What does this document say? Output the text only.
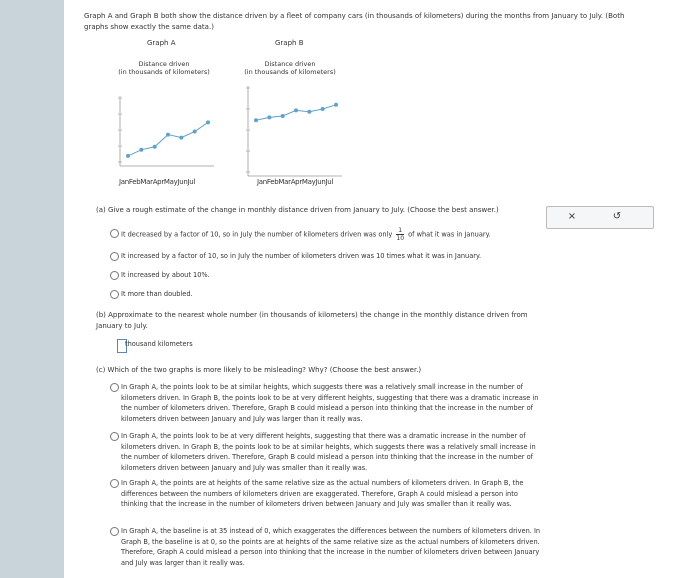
Graph A and Graph B both show the distance driven by a fleet of company cars (in thousands of kilometers) during the months from January to July. (Both graphs show exactly the same data.)
Graph A
Distance driven
(in thousands of kilometers)
JanFebMarAprMayJunJul
Graph B
Distance driven
(in thousands of kilometers)
JanFebMarAprMayJunJul
(a) Give a rough estimate of the change in monthly distance driven from January to July. (Choose the best answer.)
It decreased by a factor of 10, so in July the number of kilometers driven was only $\frac{1}{10}$ of what it was in January.
It increased by a factor of 10, so in July the number of kilometers driven was 10 times what it was in January.
It increased by about 10%.
It more than doubled.
×	↺
(b) Approximate to the nearest whole number (in thousands of kilometers) the change in the monthly distance driven from January to July.
thousand kilometers
(c) Which of the two graphs is more likely to be misleading? Why? (Choose the best answer.)
In Graph A, the points look to be at similar heights, which suggests there was a relatively small increase in the number of kilometers driven. In Graph B, the points look to be at very different heights, suggesting that there was a dramatic increase in the number of kilometers driven. Therefore, Graph B could mislead a person into thinking that the increase in the number of kilometers driven between January and July was larger than it really was.
In Graph A, the points look to be at very different heights, suggesting that there was a dramatic increase in the number of kilometers driven. In Graph B, the points look to be at similar heights, which suggests there was a relatively small increase in the number of kilometers driven. Therefore, Graph B could mislead a person into thinking that the increase in the number of kilometers driven between January and July was smaller than it really was.
In Graph A, the points are at heights of the same relative size as the actual numbers of kilometers driven. In Graph B, the differences between the numbers of kilometers driven are exaggerated. Therefore, Graph A could mislead a person into thinking that the increase in the number of kilometers driven between January and July was smaller than it really was.
In Graph A, the baseline is at 35 instead of 0, which exaggerates the differences between the numbers of kilometers driven. In Graph B, the baseline is at 0, so the points are at heights of the same relative size as the actual numbers of kilometers driven. Therefore, Graph A could mislead a person into thinking that the increase in the number of kilometers driven between January and July was larger than it really was.
